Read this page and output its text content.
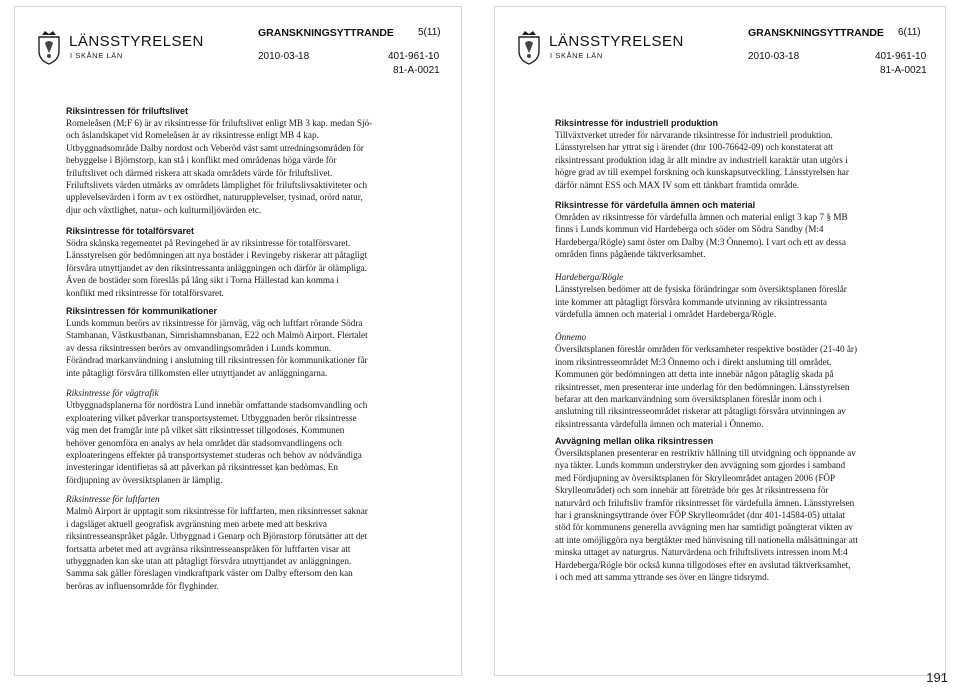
LÄNSSTYRELSEN
I SKÅNE LÄN
GRANSKNINGSYTTRANDE 5(11)
2010-03-18	401-961-10
81-A-0021
Riksintressen för friluftslivet
Romeleåsen (M:F 6) är av riksintresse för friluftslivet enligt MB 3 kap. medan Sjö-
och åslandskapet vid Romeleåsen är av riksintresse enligt MB 4 kap.
Utbyggnadsområde Dalby nordost och Veberöd väst samt utredningsområden för
bebyggelse i Björnstorp, kan stå i konflikt med områdenas höga värde för
friluftslivet och därmed riskera att skada områdets värde för friluftslivet.
Friluftslivets värden utmärks av områdets lämplighet för friluftslivsaktiviteter och
upplevelsevärden i form av t ex ostördhet, naturupplevelser, tystnad, orörd natur,
djur och växtlighet, natur- och kulturmiljövärden etc.
Riksintresse för totalförsvaret
Södra skånska regementet på Revingehed är av riksintresse för totalförsvaret.
Länsstyrelsen gör bedömningen att nya bostäder i Revingeby riskerar att påtagligt
försvåra utnyttjandet av den riksintressanta anläggningen och därför är olämpliga.
Även de bostäder som föreslås på lång sikt i Torna Hällestad kan komma i
konflikt med riksintresse för totalförsvaret.
Riksintressen för kommunikationer
Lunds kommun berörs av riksintresse för järnväg, väg och luftfart rörande Södra
Stambanan, Västkustbanan, Simrishamnsbanan, E22 och Malmö Airport. Flertalet
av dessa riksintressen berörs av omvandlingsområden i Lunds kommun.
Förändrad markanvändning i anslutning till riksintressen för kommunikationer får
inte påtagligt försvåra tillkomsten eller utnyttjandet av anläggningarna.
Riksintresse för vägtrafik
Utbyggnadsplanerna för nordöstra Lund innebär omfattande stadsomvandling och
exploatering vilket påverkar transportsystemet. Utbyggnaden berör riksintresse
väg men det framgår inte på vilket sätt riksintresset tillgodoses. Kommunen
behöver genomföra en analys av hela området där stadsomvandlingens och
exploateringens effekter på transportsystemet studeras och behov av nödvändiga
investeringar identifieras så att påverkan på riksintresset kan bedömas. En
fördjupning av översiktsplanen är lämplig.
Riksintresse för luftfarten
Malmö Airport är upptagit som riksintresse för luftfarten, men riksintresset saknar
i dagsläget aktuell geografisk avgränsning men arbete med att beskriva
riksintresseanspråket pågår. Utbyggnad i Genarp och Björnstorp förutsätter att det
fortsatta arbetet med att avgränsa riksintresseanspråken för luftfarten visar att
utbyggnaden kan ske utan att påtagligt försvåra utnyttjandet av anläggningen.
Samma sak gäller föreslagen vindkraftpark väster om Dalby eftersom den kan
beröras av influensområde för flyghinder.
LÄNSSTYRELSEN
I SKÅNE LÄN
GRANSKNINGSYTTRANDE 6(11)
2010-03-18	401-961-10
81-A-0021
Riksintresse för industriell produktion
Tillväxtverket utreder för närvarande riksintresse för industriell produktion.
Länsstyrelsen har yttrat sig i ärendet (dnr 100-76642-09) och konstaterat att
riksintressant produktion idag är allt mindre av industriell karaktär utan utgörs i
högre grad av till exempel forskning och kunskapsutveckling. Länsstyrelsen har
därför nämnt ESS och MAX IV som ett tänkbart framtida område.
Riksintresse för värdefulla ämnen och material
Områden av riksintresse för värdefulla ämnen och material enligt 3 kap 7 § MB
finns i Lunds kommun vid Hardeberga och söder om Södra Sandby (M:4
Hardeberga/Rögle) samt öster om Dalby (M:3 Önnemo). I vart och ett av dessa
områden finns pågående täktverksamhet.
Hardeberga/Rögle
Länsstyrelsen bedömer att de fysiska förändringar som översiktsplanen föreslår
inte kommer att påtagligt försvåra kommande utvinning av riksintressanta
värdefulla ämnen och material i området Hardeberga/Rögle.
Önnemo
Översiktsplanen föreslår områden för verksamheter respektive bostäder (21-40 år)
inom riksintresseområdet M:3 Önnemo och i direkt anslutning till området.
Kommunen gör bedömningen att detta inte innebär någon påtaglig skada på
riksintresset, men presenterar inte underlag för den bedömningen. Länsstyrelsen
befarar att den markanvändning som översiktsplanen föreslår inom och i
anslutning till riksintresseområdet riskerar att påtagligt försvåra utvinningen av
riksintressanta värdefulla ämnen och material i Önnemo.
Avvägning mellan olika riksintressen
Översiktsplanen presenterar en restriktiv hållning till utvidgning och öppnande av
nya täkter. Lunds kommun understryker den avvägning som gjordes i samband
med Fördjupning av översiktsplanen för Skrylleområdet antagen 2006 (FÖP
Skrylleområdet) och som innebär att företräde bör ges åt riksintressena för
naturvård och friluftsliv framför riksintresset för värdefulla ämnen. Länsstyrelsen
har i granskningsyttrande över FÖP Skrylleområdet (dnr 401-14584-05) uttalat
stöd för kommunens generella avvägning men har samtidigt poängterat vikten av
att inte omöjliggöra nya bergtäkter med hänvisning till nationella målsättningar att
minska uttaget av naturgrus. Naturvärdena och friluftslivets intressen inom M:4
Hardeberga/Rögle bör också kunna tillgodoses efter en avslutad täktverksamhet,
i och med att samma yttrande ses över en längre tidsrymd.
191
